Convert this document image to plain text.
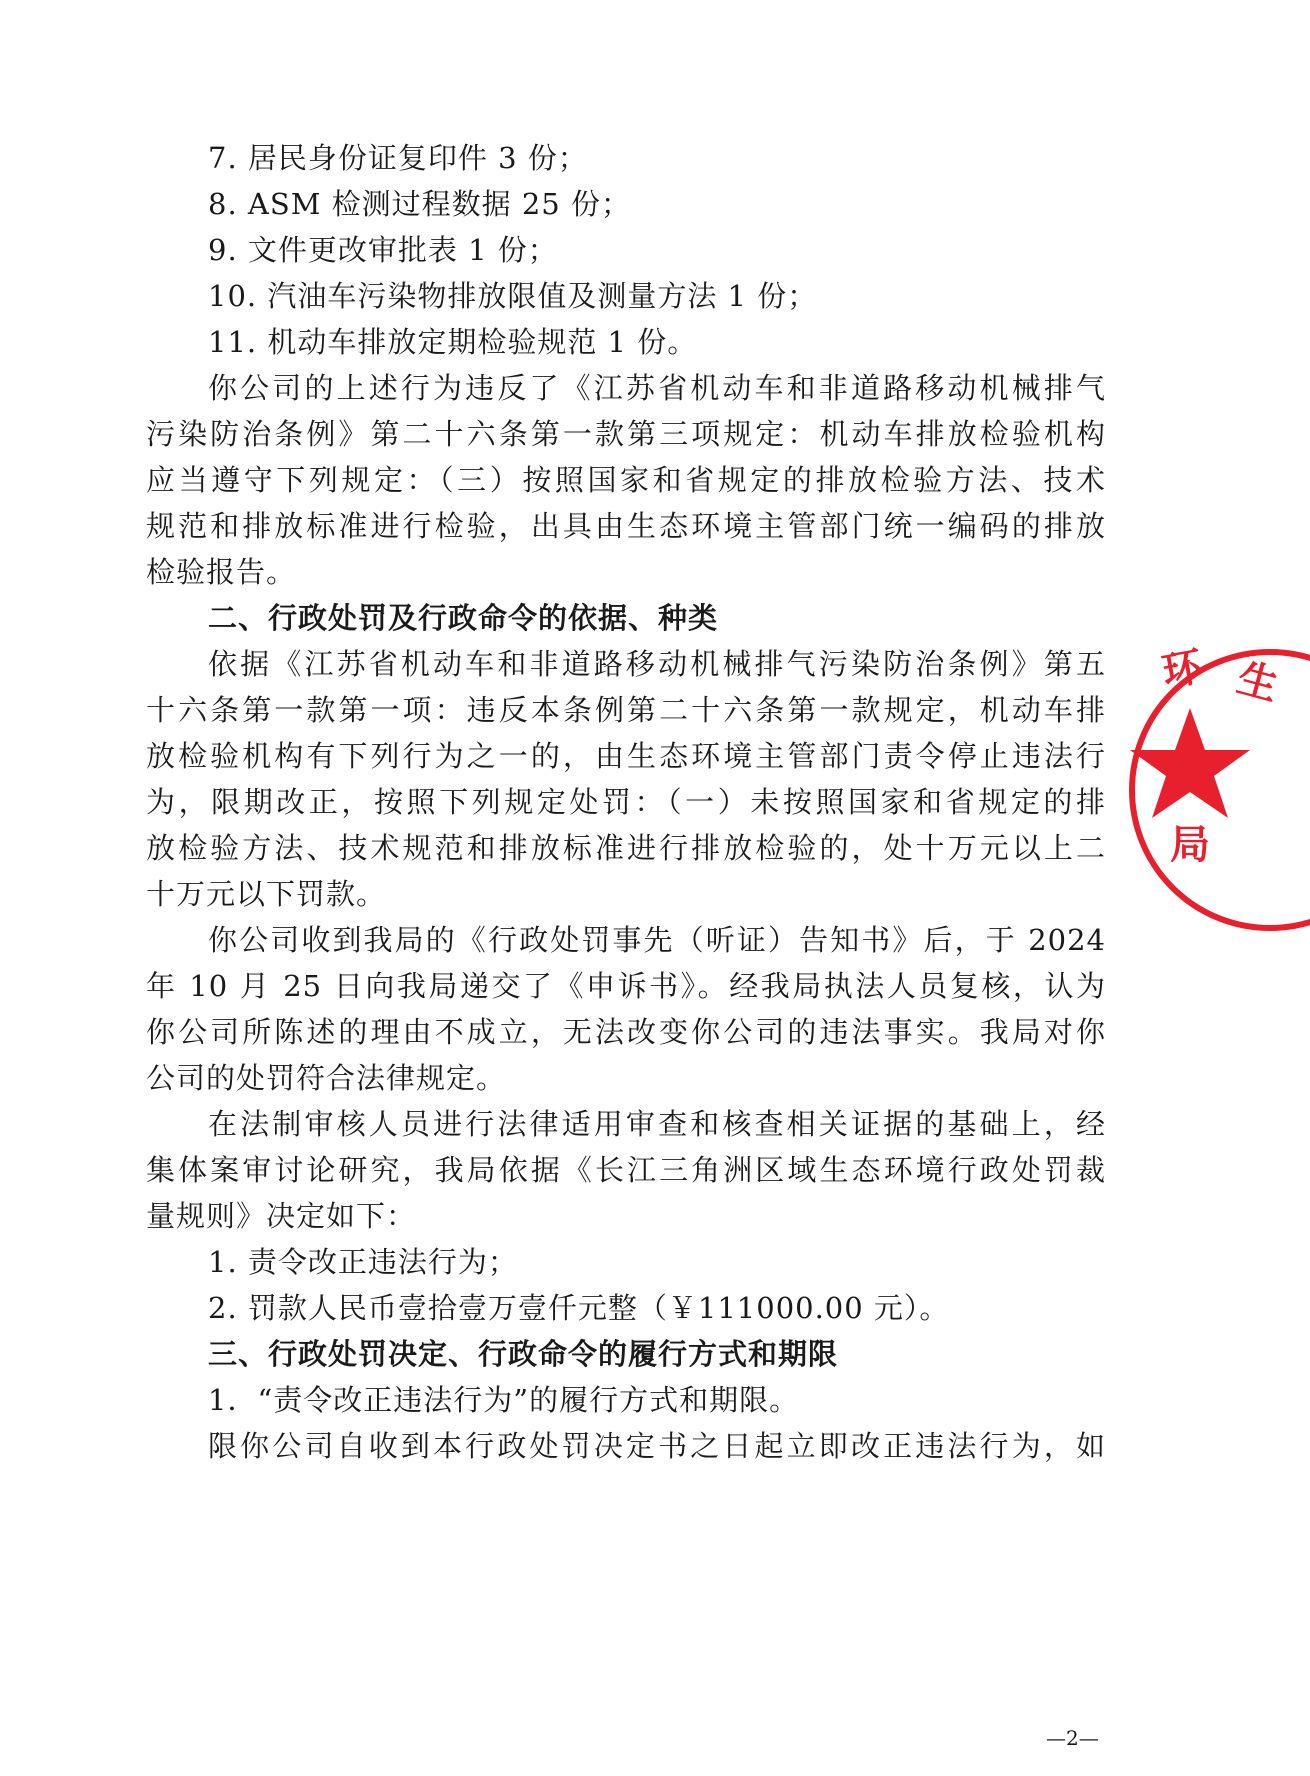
7. 居民身份证复印件 3 份；
8. ASM 检测过程数据 25 份；
9. 文件更改审批表 1 份；
10. 汽油车污染物排放限值及测量方法 1 份；
11. 机动车排放定期检验规范 1 份。
你公司的上述行为违反了《江苏省机动车和非道路移动机械排气
污染防治条例》第二十六条第一款第三项规定：机动车排放检验机构
应当遵守下列规定：（三）按照国家和省规定的排放检验方法、技术
规范和排放标准进行检验，出具由生态环境主管部门统一编码的排放
检验报告。
二、行政处罚及行政命令的依据、种类
依据《江苏省机动车和非道路移动机械排气污染防治条例》第五
十六条第一款第一项：违反本条例第二十六条第一款规定，机动车排
放检验机构有下列行为之一的，由生态环境主管部门责令停止违法行
为，限期改正，按照下列规定处罚：（一）未按照国家和省规定的排
放检验方法、技术规范和排放标准进行排放检验的，处十万元以上二
十万元以下罚款。
你公司收到我局的《行政处罚事先（听证）告知书》后，于 2024
年 10 月 25 日向我局递交了《申诉书》。经我局执法人员复核，认为
你公司所陈述的理由不成立，无法改变你公司的违法事实。我局对你
公司的处罚符合法律规定。
在法制审核人员进行法律适用审查和核查相关证据的基础上，经
集体案审讨论研究，我局依据《长江三角洲区域生态环境行政处罚裁
量规则》决定如下：
1. 责令改正违法行为；
2. 罚款人民币壹拾壹万壹仟元整（￥111000.00 元）。
三、行政处罚决定、行政命令的履行方式和期限
1．“责令改正违法行为”的履行方式和期限。
限你公司自收到本行政处罚决定书之日起立即改正违法行为，如
—2—
环 生
局
